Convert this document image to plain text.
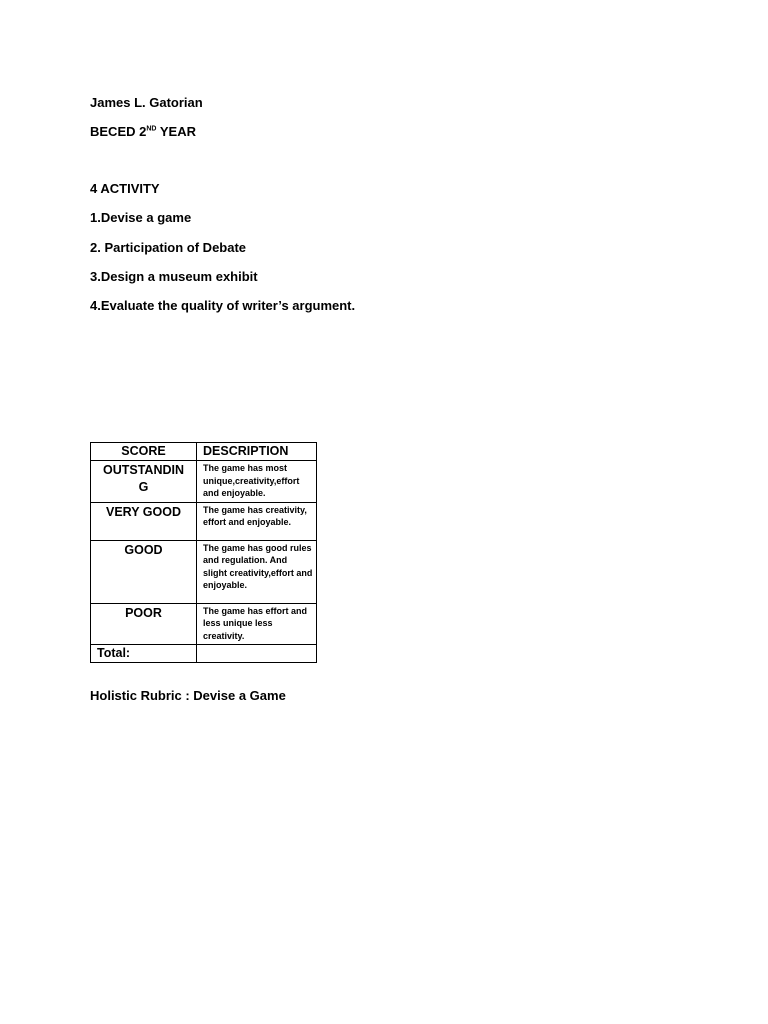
James L. Gatorian
BECED 2ND YEAR
4 ACTIVITY
1.Devise a game
2. Participation of Debate
3.Design a museum exhibit
4.Evaluate the quality of writer’s argument.
SCORE	DESCRIPTION
OUTSTANDING	The game has most unique,creativity,effort and enjoyable.
VERY GOOD	The game has creativity, effort and enjoyable.
GOOD	The game has good rules and regulation. And slight creativity,effort and enjoyable.
POOR	The game has effort and less unique less creativity.
Total:	
Holistic Rubric : Devise a Game
